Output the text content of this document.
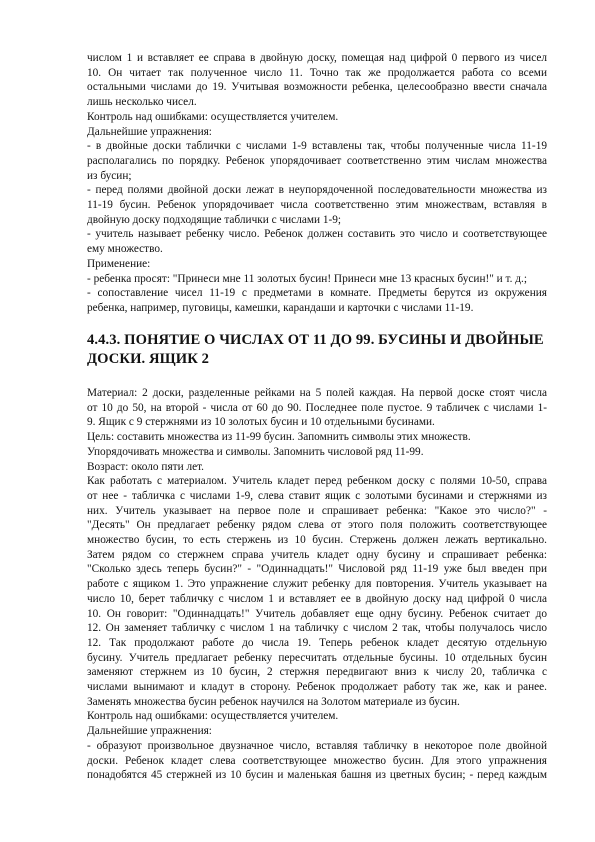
числом 1 и вставляет ее справа в двойную доску, помещая над цифрой 0 первого из чисел
10. Он читает так полученное число 11. Точно так же продолжается работа со всеми
остальными числами до 19. Учитывая возможности ребенка, целесообразно ввести сначала
лишь несколько чисел.
Контроль над ошибками: осуществляется учителем.
Дальнейшие упражнения:
- в двойные доски таблички с числами 1-9 вставлены так, чтобы полученные числа 11-19
располагались по порядку. Ребенок упорядочивает соответственно этим числам множества
из бусин;
- перед полями двойной доски лежат в неупорядоченной последовательности множества из
11-19 бусин. Ребенок упорядочивает числа соответственно этим множествам, вставляя в
двойную доску подходящие таблички с числами 1-9;
- учитель называет ребенку число. Ребенок должен составить это число и соответствующее
ему множество.
Применение:
- ребенка просят: "Принеси мне 11 золотых бусин! Принеси мне 13 красных бусин!" и т. д.;
- сопоставление чисел 11-19 с предметами в комнате. Предметы берутся из окружения
ребенка, например, пуговицы, камешки, карандаши и карточки с числами 11-19.
4.4.3. ПОНЯТИЕ О ЧИСЛАХ ОТ 11 ДО 99. БУСИНЫ И ДВОЙНЫЕ
ДОСКИ. ЯЩИК 2
Материал: 2 доски, разделенные рейками на 5 полей каждая. На первой доске стоят числа
от 10 до 50, на второй - числа от 60 до 90. Последнее поле пустое. 9 табличек с числами 1-
9. Ящик с 9 стержнями из 10 золотых бусин и 10 отдельными бусинами.
Цель: составить множества из 11-99 бусин. Запомнить символы этих множеств.
Упорядочивать множества и символы. Запомнить числовой ряд 11-99.
Возраст: около пяти лет.
Как работать с материалом. Учитель кладет перед ребенком доску с полями 10-50, справа
от нее - табличка с числами 1-9, слева ставит ящик с золотыми бусинами и стержнями из
них. Учитель указывает на первое поле и спрашивает ребенка: "Какое это число?" -
"Десять" Он предлагает ребенку рядом слева от этого поля положить соответствующее
множество бусин, то есть стержень из 10 бусин. Стержень должен лежать вертикально.
Затем рядом со стержнем справа учитель кладет одну бусину и спрашивает ребенка:
"Сколько здесь теперь бусин?" - "Одиннадцать!" Числовой ряд 11-19 уже был введен при
работе с ящиком 1. Это упражнение служит ребенку для повторения. Учитель указывает на
число 10, берет табличку с числом 1 и вставляет ее в двойную доску над цифрой 0 числа
10. Он говорит: "Одиннадцать!" Учитель добавляет еще одну бусину. Ребенок считает до
12. Он заменяет табличку с числом 1 на табличку с числом 2 так, чтобы получалось число
12. Так продолжают работе до числа 19. Теперь ребенок кладет десятую отдельную
бусину. Учитель предлагает ребенку пересчитать отдельные бусины. 10 отдельных бусин
заменяют стержнем из 10 бусин, 2 стержня передвигают вниз к числу 20, табличка с
числами вынимают и кладут в сторону. Ребенок продолжает работу так же, как и ранее.
Заменять множества бусин ребенок научился на Золотом материале из бусин.
Контроль над ошибками: осуществляется учителем.
Дальнейшие упражнения:
- образуют произвольное двузначное число, вставляя табличку в некоторое поле двойной
доски. Ребенок кладет слева соответствующее множество бусин. Для этого упражнения
понадобятся 45 стержней из 10 бусин и маленькая башня из цветных бусин; - перед каждым
